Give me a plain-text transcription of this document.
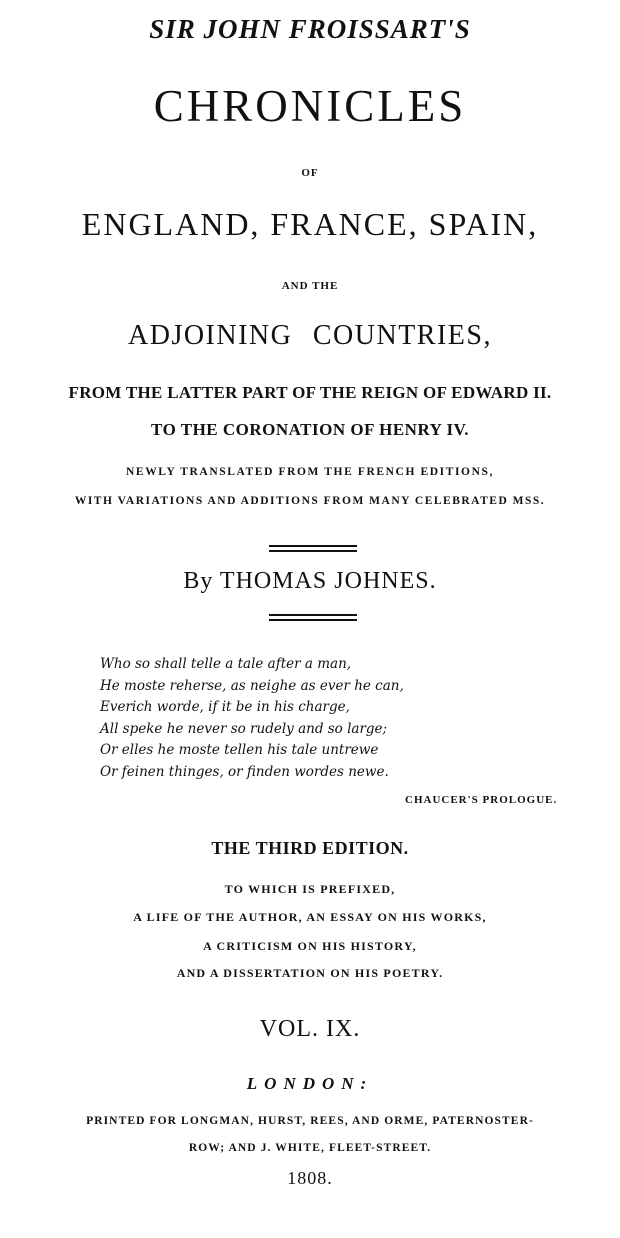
SIR JOHN FROISSART'S
CHRONICLES
OF
ENGLAND, FRANCE, SPAIN,
AND THE
ADJOINING COUNTRIES,
FROM THE LATTER PART OF THE REIGN OF EDWARD II.
TO THE CORONATION OF HENRY IV.
NEWLY TRANSLATED FROM THE FRENCH EDITIONS,
WITH VARIATIONS AND ADDITIONS FROM MANY CELEBRATED MSS.
By THOMAS JOHNES.
Who so shall telle a tale after a man,
He moste reherse, as neighe as ever he can,
Everich worde, if it be in his charge,
All speke he never so rudely and so large;
Or elles he moste tellen his tale untrewe
Or feinen thinges, or finden wordes newe.
CHAUCER'S PROLOGUE.
THE THIRD EDITION.
TO WHICH IS PREFIXED,
A LIFE OF THE AUTHOR, AN ESSAY ON HIS WORKS,
A CRITICISM ON HIS HISTORY,
AND A DISSERTATION ON HIS POETRY.
VOL. IX.
LONDON:
PRINTED FOR LONGMAN, HURST, REES, AND ORME, PATERNOSTER-
ROW; AND J. WHITE, FLEET-STREET.
1808.
